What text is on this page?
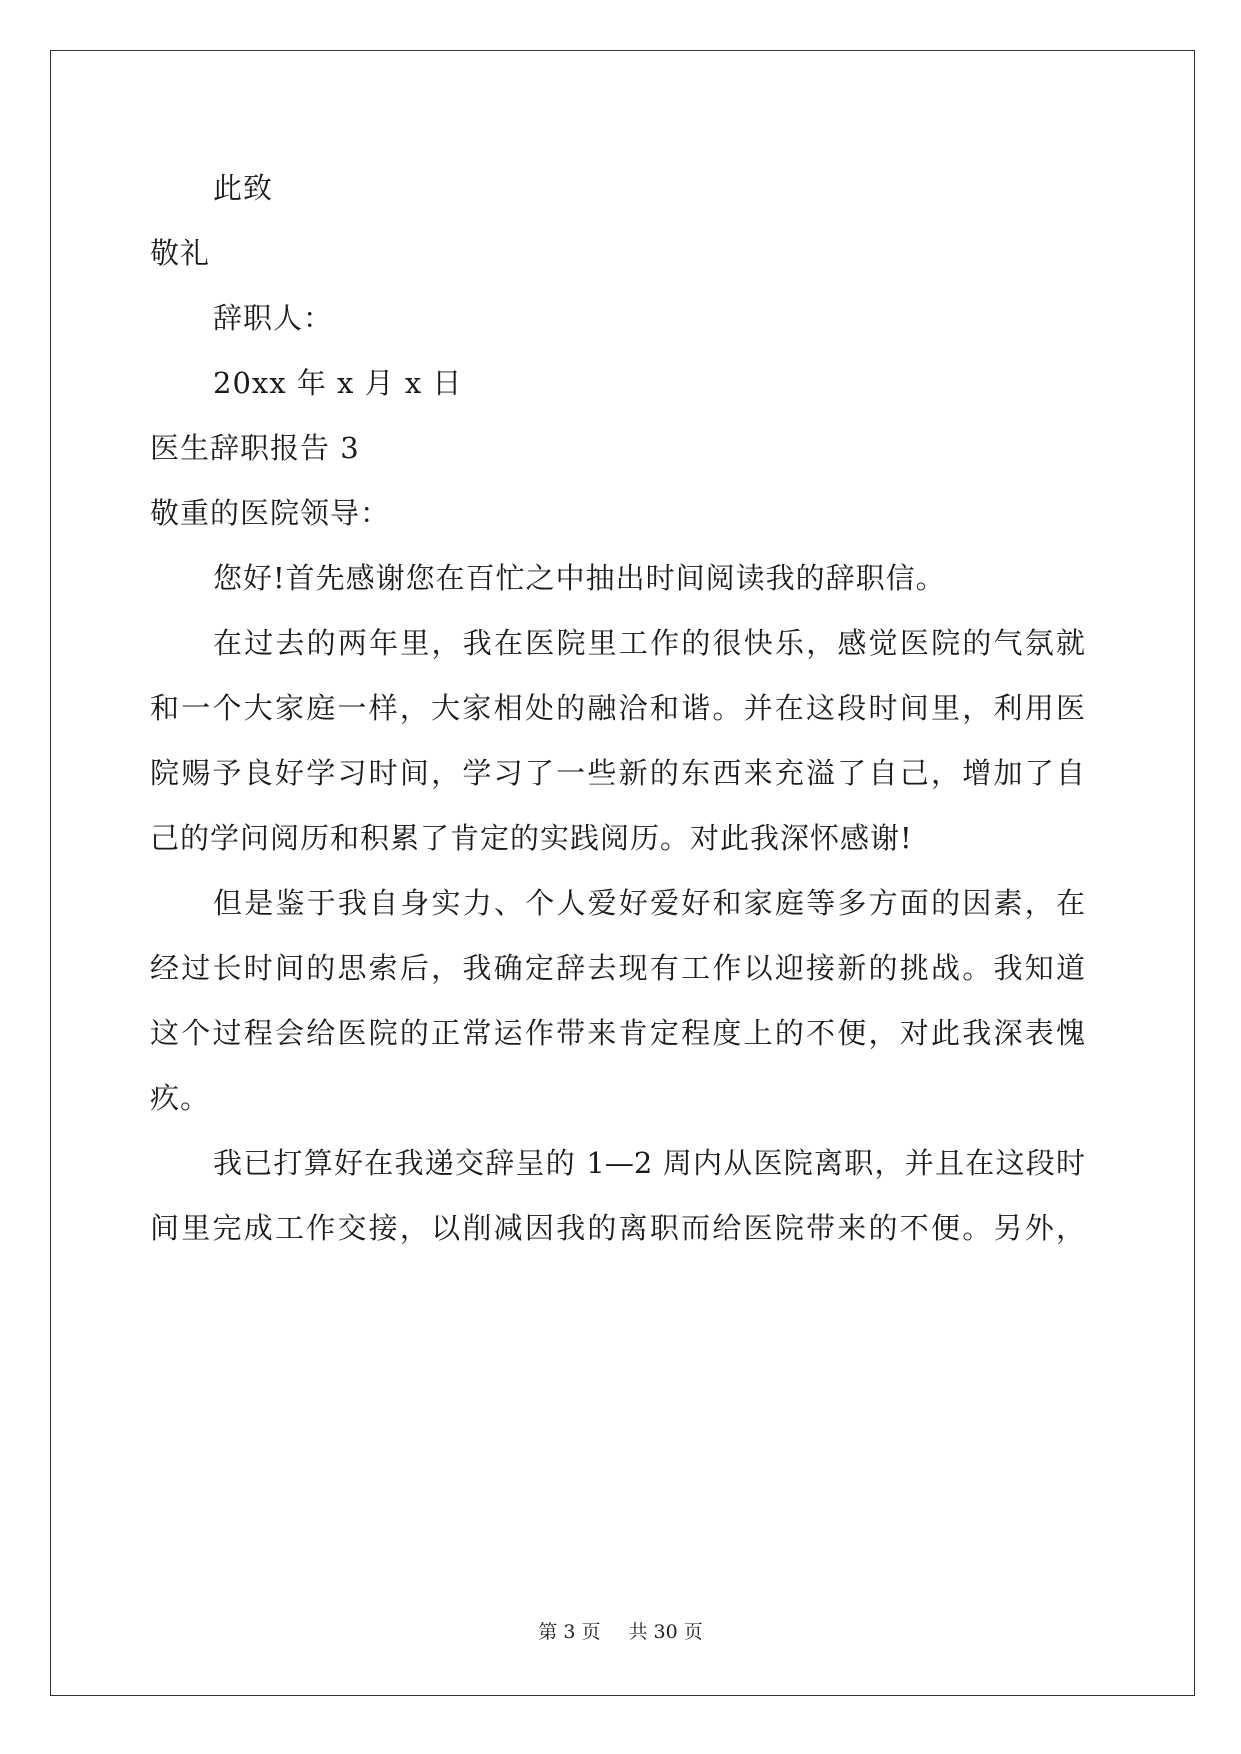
此致
敬礼
辞职人：
20xx 年 x 月 x 日
医生辞职报告 3
敬重的医院领导：
您好!首先感谢您在百忙之中抽出时间阅读我的辞职信。
在过去的两年里，我在医院里工作的很快乐，感觉医院的气氛就
和一个大家庭一样，大家相处的融洽和谐。并在这段时间里，利用医
院赐予良好学习时间，学习了一些新的东西来充溢了自己，增加了自
己的学问阅历和积累了肯定的实践阅历。对此我深怀感谢!
但是鉴于我自身实力、个人爱好爱好和家庭等多方面的因素，在
经过长时间的思索后，我确定辞去现有工作以迎接新的挑战。我知道
这个过程会给医院的正常运作带来肯定程度上的不便，对此我深表愧
疚。
我已打算好在我递交辞呈的 1—2 周内从医院离职，并且在这段时
间里完成工作交接，以削减因我的离职而给医院带来的不便。另外，
第 3 页 共 30 页
